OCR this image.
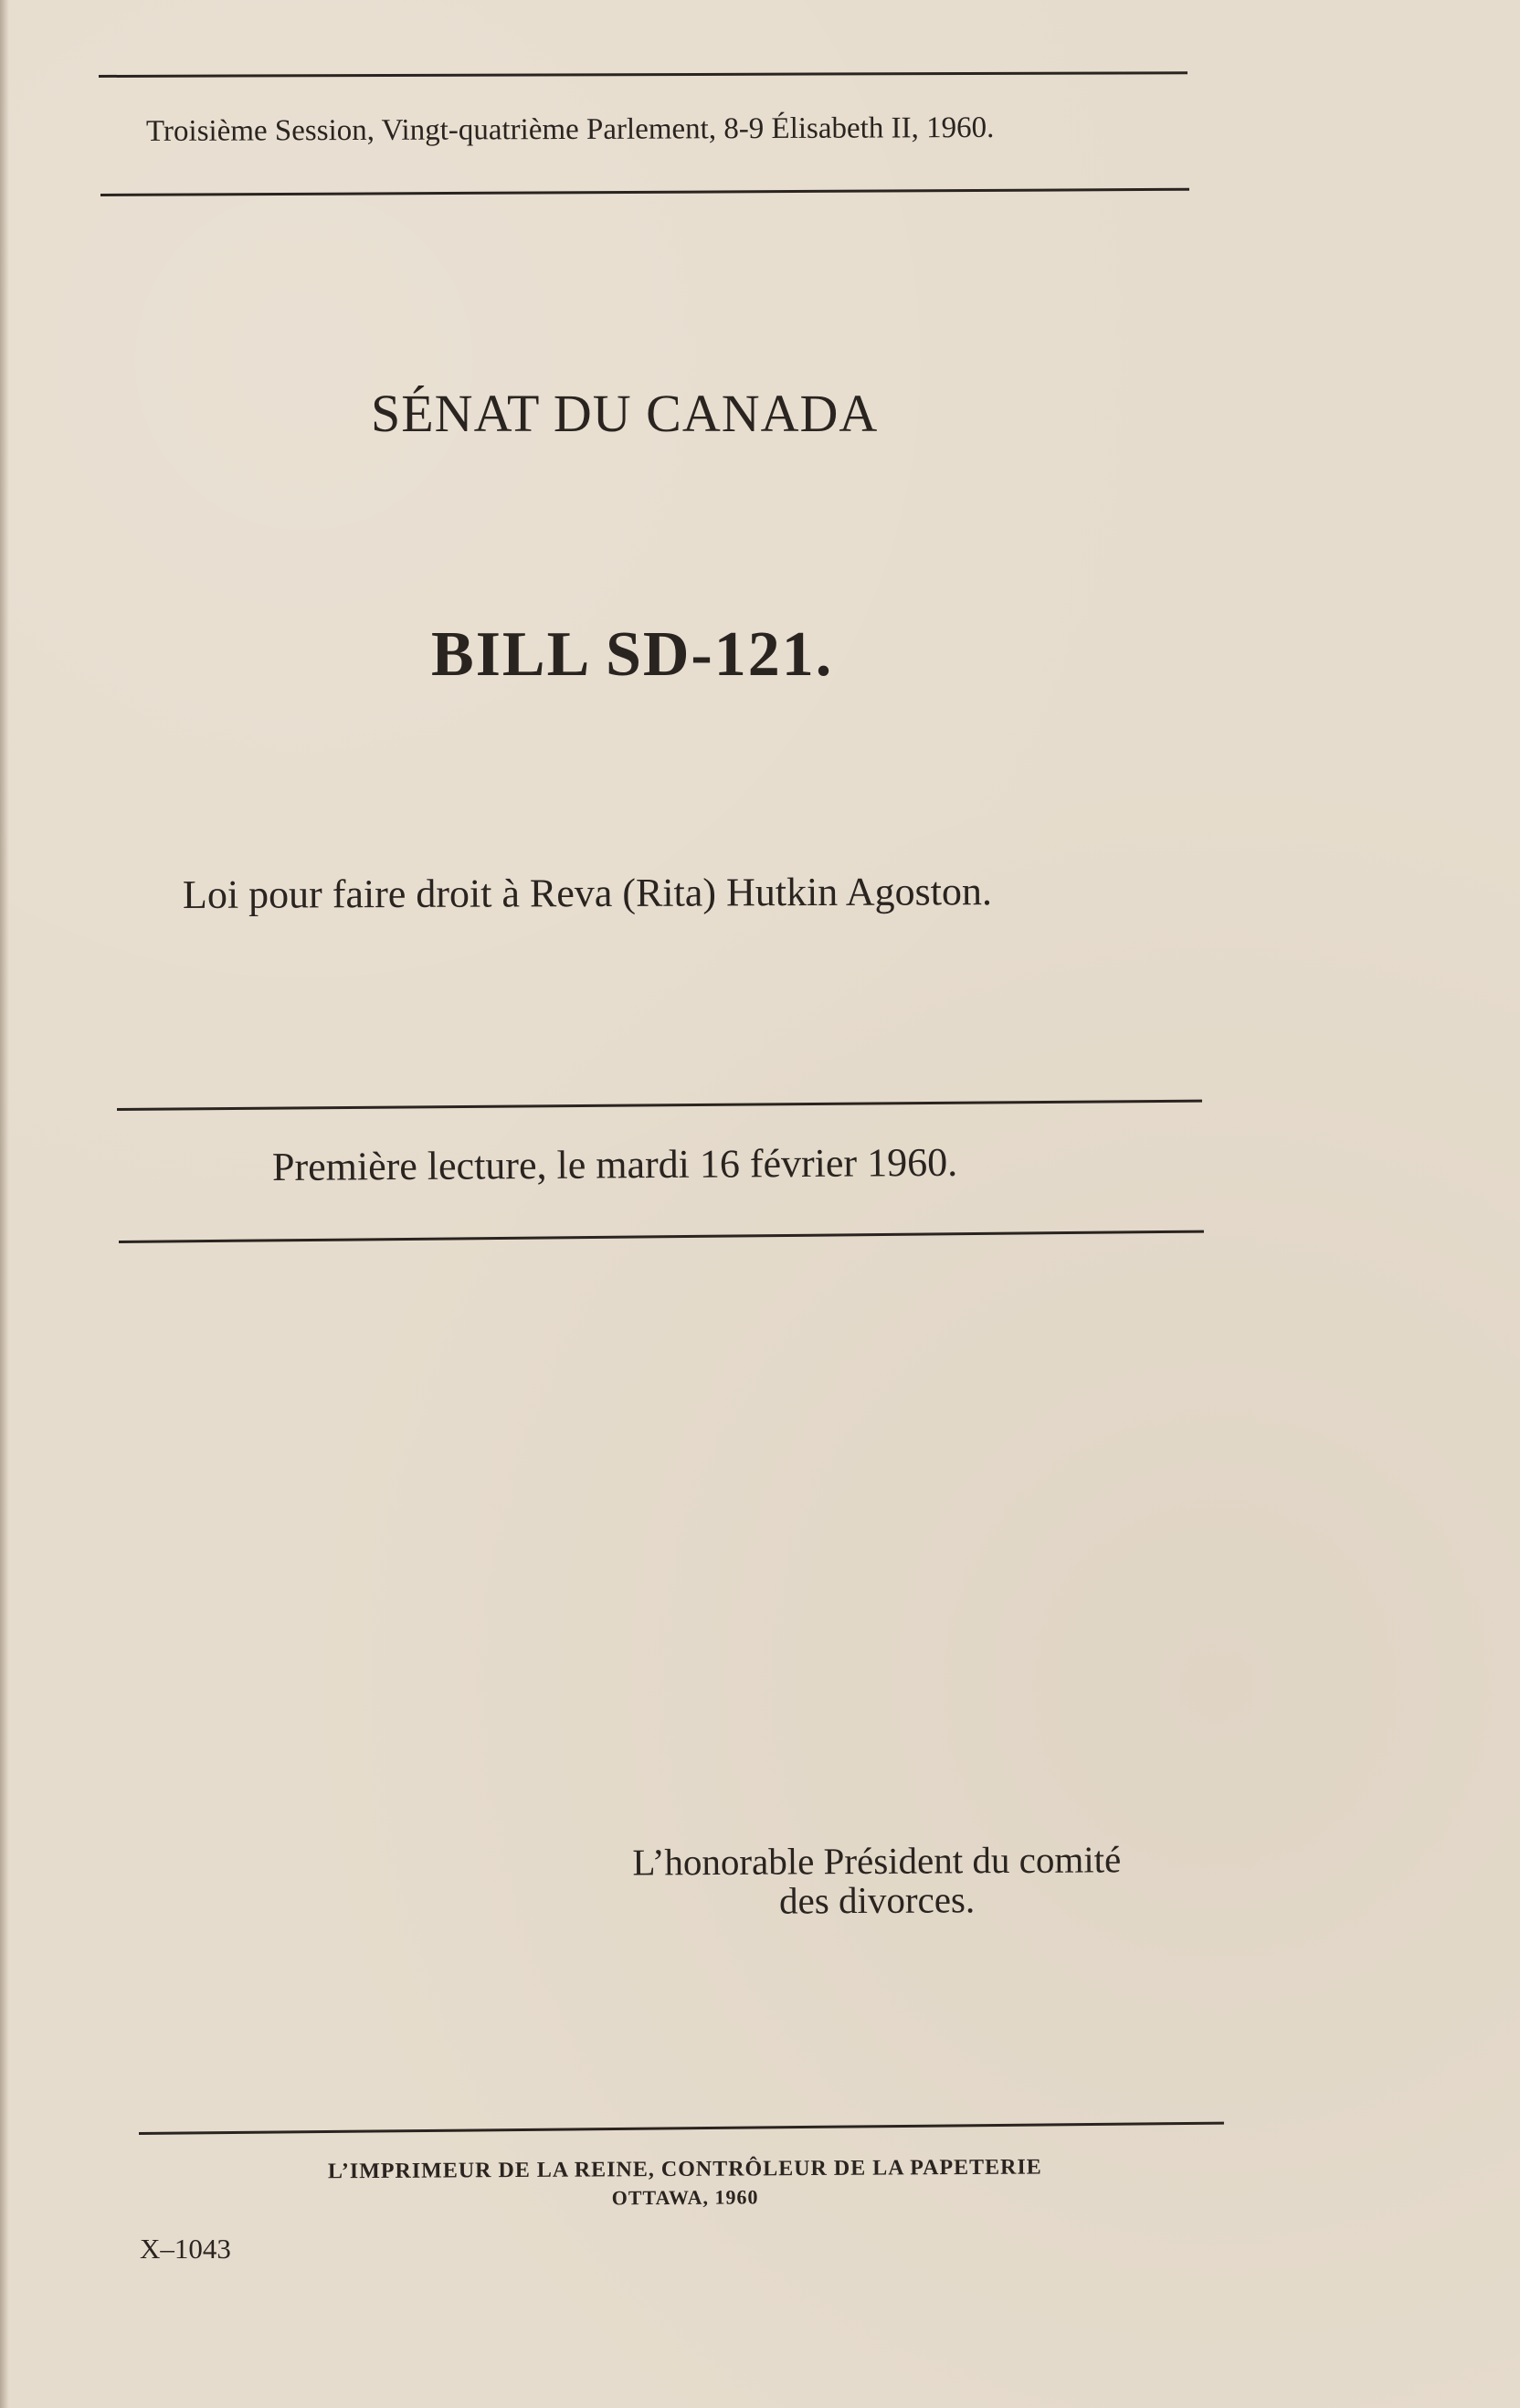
Troisième Session, Vingt-quatrième Parlement, 8-9 Élisabeth II, 1960.
SÉNAT DU CANADA
BILL SD-121.
Loi pour faire droit à Reva (Rita) Hutkin Agoston.
Première lecture, le mardi 16 février 1960.
L’honorable Président du comité
des divorces.
L’IMPRIMEUR DE LA REINE, CONTRÔLEUR DE LA PAPETERIE
OTTAWA, 1960
X–1043
